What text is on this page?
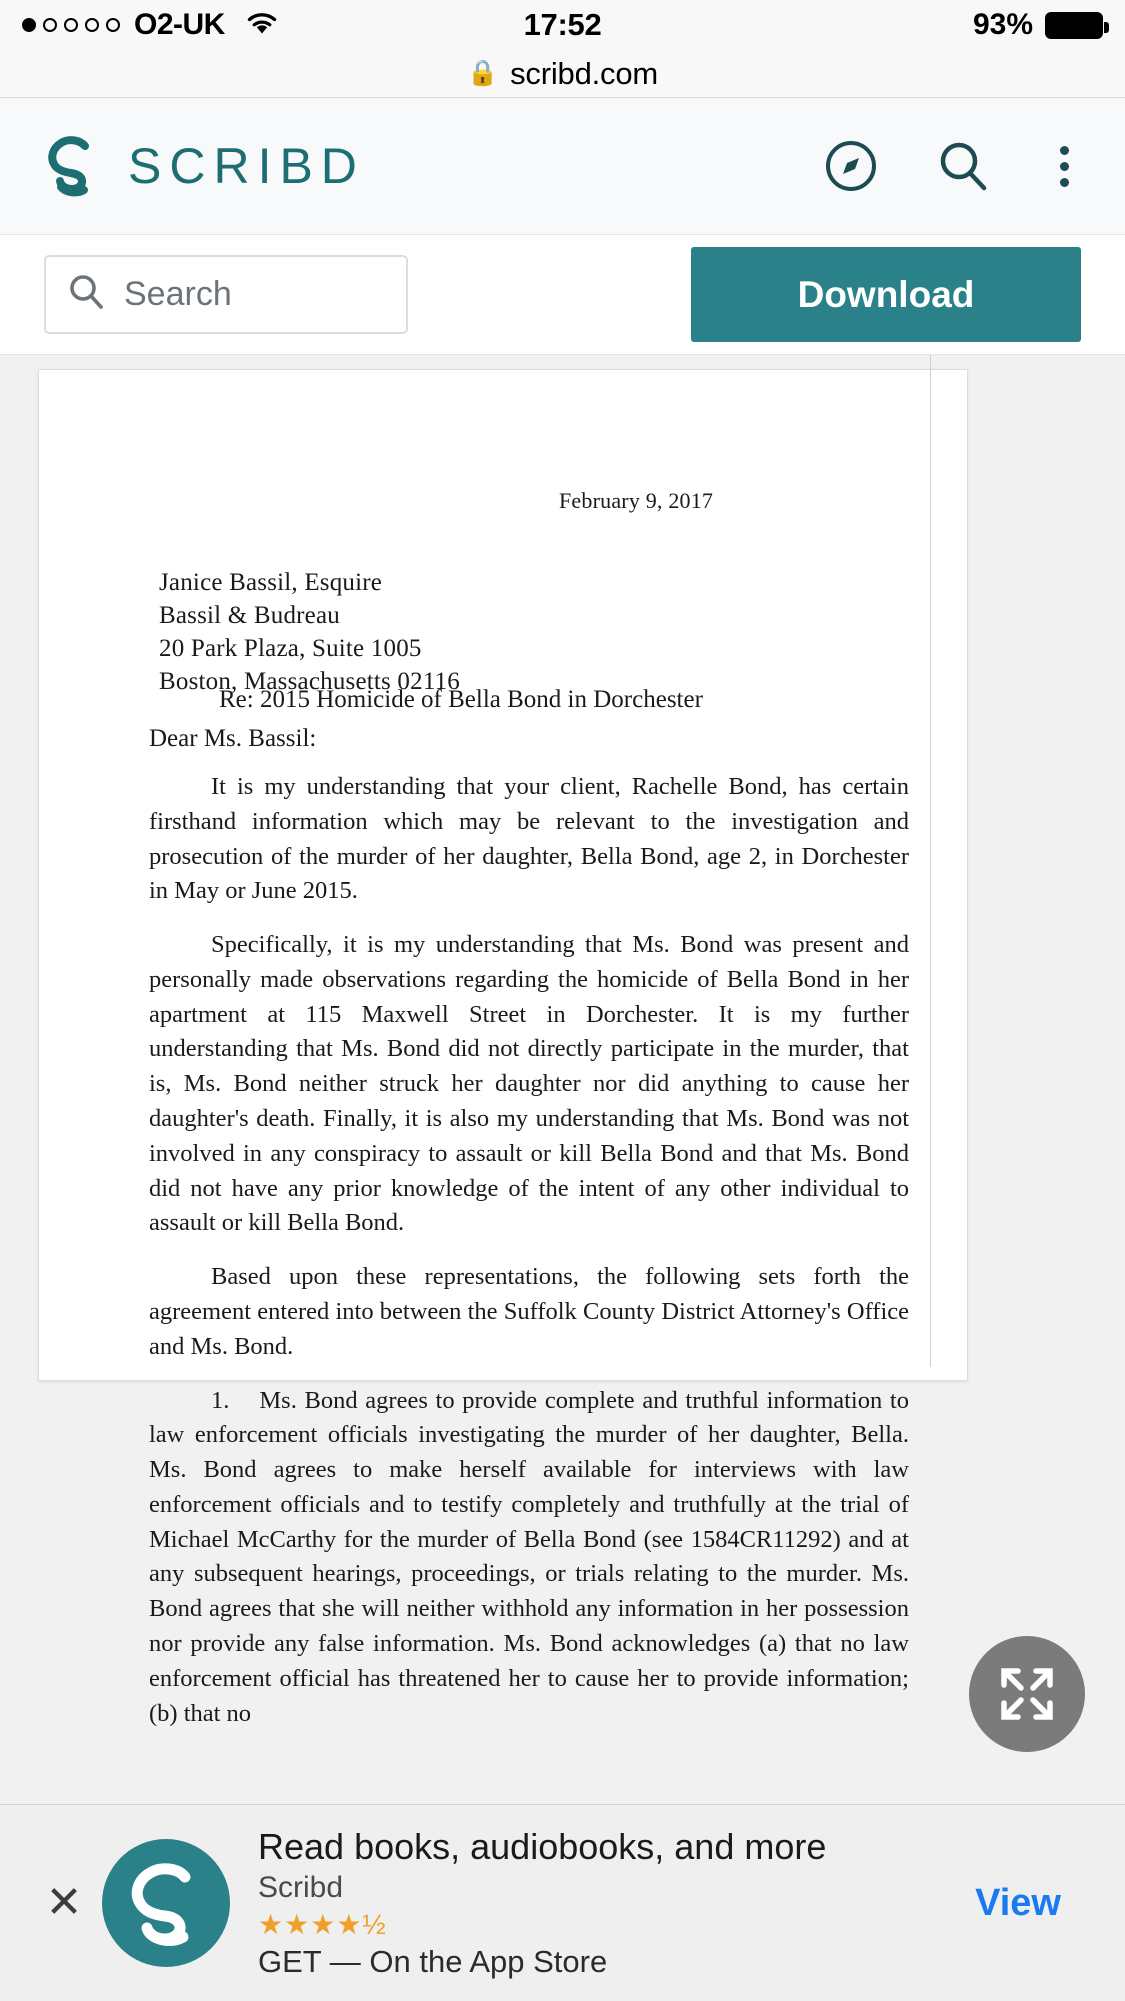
O2-UK	17:52	93%
🔒 scribd.com
SCRIBD
Search	Download
February 9, 2017
Janice Bassil, Esquire
Bassil & Budreau
20 Park Plaza, Suite 1005
Boston, Massachusetts 02116
Re: 2015 Homicide of Bella Bond in Dorchester
Dear Ms. Bassil:

It is my understanding that your client, Rachelle Bond, has certain firsthand information which may be relevant to the investigation and prosecution of the murder of her daughter, Bella Bond, age 2, in Dorchester in May or June 2015.

Specifically, it is my understanding that Ms. Bond was present and personally made observations regarding the homicide of Bella Bond in her apartment at 115 Maxwell Street in Dorchester. It is my further understanding that Ms. Bond did not directly participate in the murder, that is, Ms. Bond neither struck her daughter nor did anything to cause her daughter's death. Finally, it is also my understanding that Ms. Bond was not involved in any conspiracy to assault or kill Bella Bond and that Ms. Bond did not have any prior knowledge of the intent of any other individual to assault or kill Bella Bond.

Based upon these representations, the following sets forth the agreement entered into between the Suffolk County District Attorney's Office and Ms. Bond.

1. Ms. Bond agrees to provide complete and truthful information to law enforcement officials investigating the murder of her daughter, Bella. Ms. Bond agrees to make herself available for interviews with law enforcement officials and to testify completely and truthfully at the trial of Michael McCarthy for the murder of Bella Bond (see 1584CR11292) and at any subsequent hearings, proceedings, or trials relating to the murder. Ms. Bond agrees that she will neither withhold any information in her possession nor provide any false information. Ms. Bond acknowledges (a) that no law enforcement official has threatened her to cause her to provide information; (b) that no

✕
Read books, audiobooks, and more
Scribd
★★★★½
GET — On the App Store
View
